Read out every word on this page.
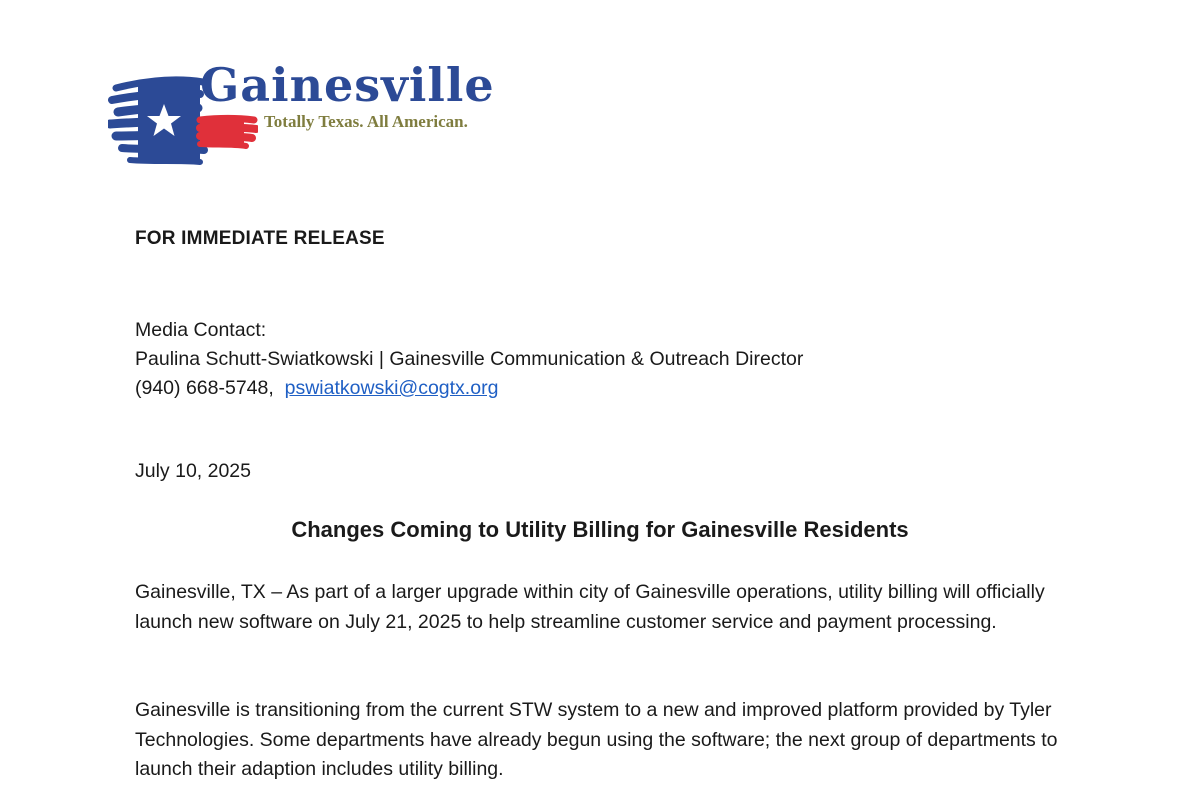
Gainesville
Totally Texas. All American.
FOR IMMEDIATE RELEASE
Media Contact:
Paulina Schutt-Swiatkowski | Gainesville Communication & Outreach Director
(940) 668-5748, pswiatkowski@cogtx.org
July 10, 2025
Changes Coming to Utility Billing for Gainesville Residents

Gainesville, TX – As part of a larger upgrade within city of Gainesville operations, utility billing will officially launch new software on July 21, 2025 to help streamline customer service and payment processing.

Gainesville is transitioning from the current STW system to a new and improved platform provided by Tyler Technologies. Some departments have already begun using the software; the next group of departments to launch their adaption includes utility billing.
